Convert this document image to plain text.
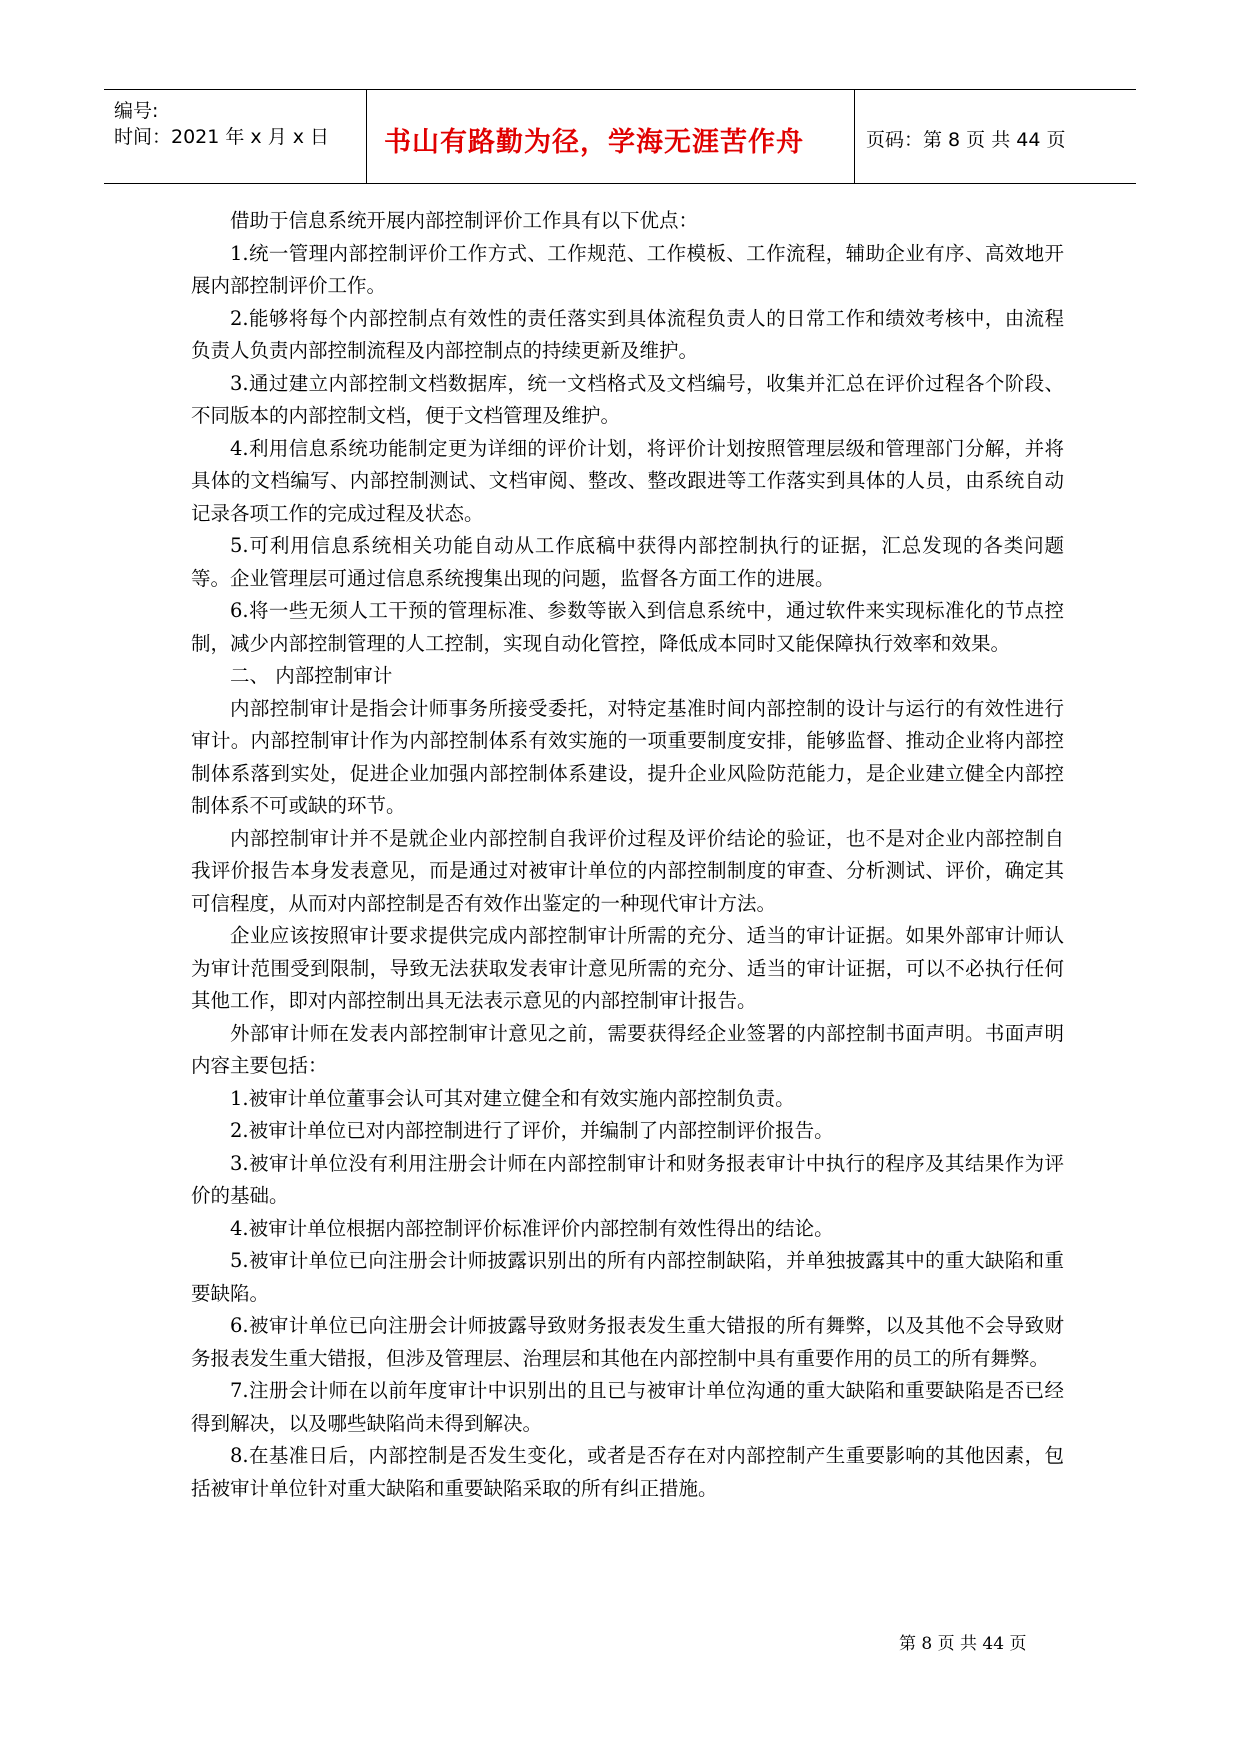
编号:
时间：2021 年 x 月 x 日 书山有路勤为径，学海无涯苦作舟	页码：第 8 页 共 44 页

借助于信息系统开展内部控制评价工作具有以下优点：

1.统一管理内部控制评价工作方式、工作规范、工作模板、工作流程，辅助企业有序、高效地开展内部控制评价工作。

2.能够将每个内部控制点有效性的责任落实到具体流程负责人的日常工作和绩效考核中，由流程负责人负责内部控制流程及内部控制点的持续更新及维护。

3.通过建立内部控制文档数据库，统一文档格式及文档编号，收集并汇总在评价过程各个阶段、不同版本的内部控制文档，便于文档管理及维护。

4.利用信息系统功能制定更为详细的评价计划，将评价计划按照管理层级和管理部门分解，并将具体的文档编写、内部控制测试、文档审阅、整改、整改跟进等工作落实到具体的人员，由系统自动记录各项工作的完成过程及状态。

5.可利用信息系统相关功能自动从工作底稿中获得内部控制执行的证据，汇总发现的各类问题等。企业管理层可通过信息系统搜集出现的问题，监督各方面工作的进展。

6.将一些无须人工干预的管理标准、参数等嵌入到信息系统中，通过软件来实现标准化的节点控制，减少内部控制管理的人工控制，实现自动化管控，降低成本同时又能保障执行效率和效果。

二、 内部控制审计

内部控制审计是指会计师事务所接受委托，对特定基准时间内部控制的设计与运行的有效性进行审计。内部控制审计作为内部控制体系有效实施的一项重要制度安排，能够监督、推动企业将内部控制体系落到实处，促进企业加强内部控制体系建设，提升企业风险防范能力，是企业建立健全内部控制体系不可或缺的环节。

内部控制审计并不是就企业内部控制自我评价过程及评价结论的验证，也不是对企业内部控制自我评价报告本身发表意见，而是通过对被审计单位的内部控制制度的审查、分析测试、评价，确定其可信程度，从而对内部控制是否有效作出鉴定的一种现代审计方法。

企业应该按照审计要求提供完成内部控制审计所需的充分、适当的审计证据。如果外部审计师认为审计范围受到限制，导致无法获取发表审计意见所需的充分、适当的审计证据，可以不必执行任何其他工作，即对内部控制出具无法表示意见的内部控制审计报告。

外部审计师在发表内部控制审计意见之前，需要获得经企业签署的内部控制书面声明。书面声明内容主要包括：

1.被审计单位董事会认可其对建立健全和有效实施内部控制负责。

2.被审计单位已对内部控制进行了评价，并编制了内部控制评价报告。

3.被审计单位没有利用注册会计师在内部控制审计和财务报表审计中执行的程序及其结果作为评价的基础。

4.被审计单位根据内部控制评价标准评价内部控制有效性得出的结论。

5.被审计单位已向注册会计师披露识别出的所有内部控制缺陷，并单独披露其中的重大缺陷和重要缺陷。

6.被审计单位已向注册会计师披露导致财务报表发生重大错报的所有舞弊，以及其他不会导致财务报表发生重大错报，但涉及管理层、治理层和其他在内部控制中具有重要作用的员工的所有舞弊。

7.注册会计师在以前年度审计中识别出的且已与被审计单位沟通的重大缺陷和重要缺陷是否已经得到解决，以及哪些缺陷尚未得到解决。

8.在基准日后，内部控制是否发生变化，或者是否存在对内部控制产生重要影响的其他因素，包括被审计单位针对重大缺陷和重要缺陷采取的所有纠正措施。

第 8 页 共 44 页
